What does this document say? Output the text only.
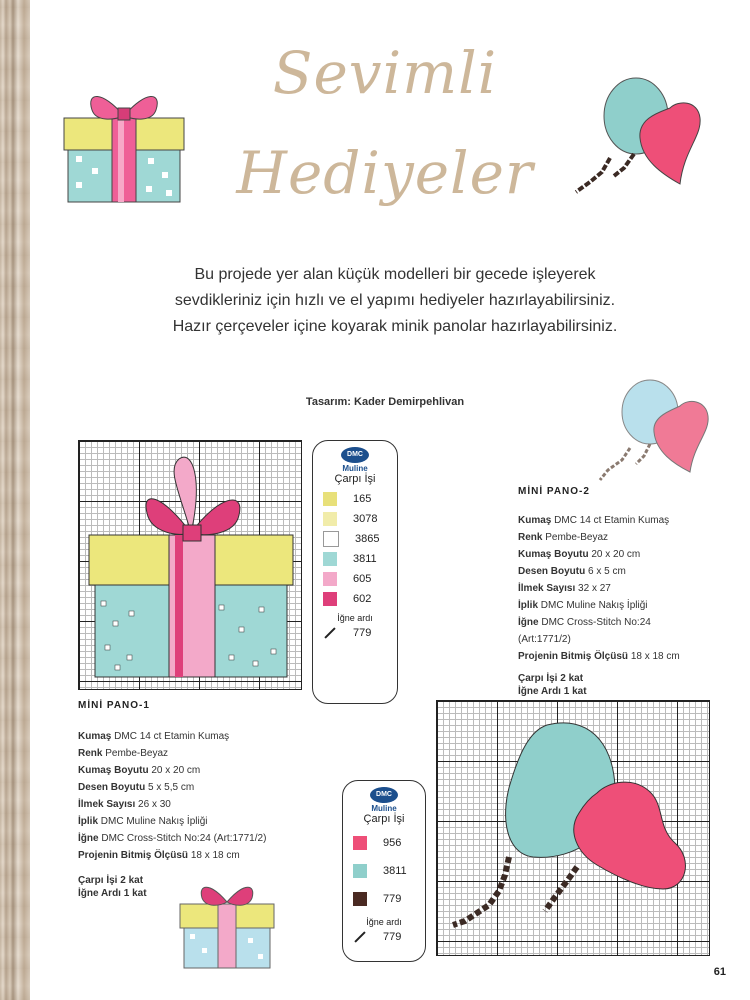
Sevimli
Hediyeler
Bu projede yer alan küçük modelleri bir gecede işleyerek sevdikleriniz için hızlı ve el yapımı hediyeler hazırlayabilirsiniz. Hazır çerçeveler içine koyarak minik panolar hazırlayabilirsiniz.
Tasarım: Kader Demirpehlivan
DMC
Muline
Çarpı İşi
165
3078
3865
3811
605
602
İğne ardı
779
MİNİ PANO-1
Kumaş DMC 14 ct Etamin Kumaş
Renk Pembe-Beyaz
Kumaş Boyutu 20 x 20 cm
Desen Boyutu 5 x 5,5 cm
İlmek Sayısı 26 x 30
İplik DMC Muline Nakış İpliği
İğne DMC Cross-Stitch No:24 (Art:1771/2)
Projenin Bitmiş Ölçüsü 18 x 18 cm
Çarpı İşi 2 kat
İğne Ardı 1 kat
MİNİ PANO-2
Kumaş DMC 14 ct Etamin Kumaş
Renk Pembe-Beyaz
Kumaş Boyutu 20 x 20 cm
Desen Boyutu 6 x 5 cm
İlmek Sayısı 32 x 27
İplik DMC Muline Nakış İpliği
İğne DMC Cross-Stitch No:24
(Art:1771/2)
Projenin Bitmiş Ölçüsü 18 x 18 cm
Çarpı İşi 2 kat
İğne Ardı 1 kat
DMC
Muline
Çarpı İşi
956
3811
779
İğne ardı
779
61
